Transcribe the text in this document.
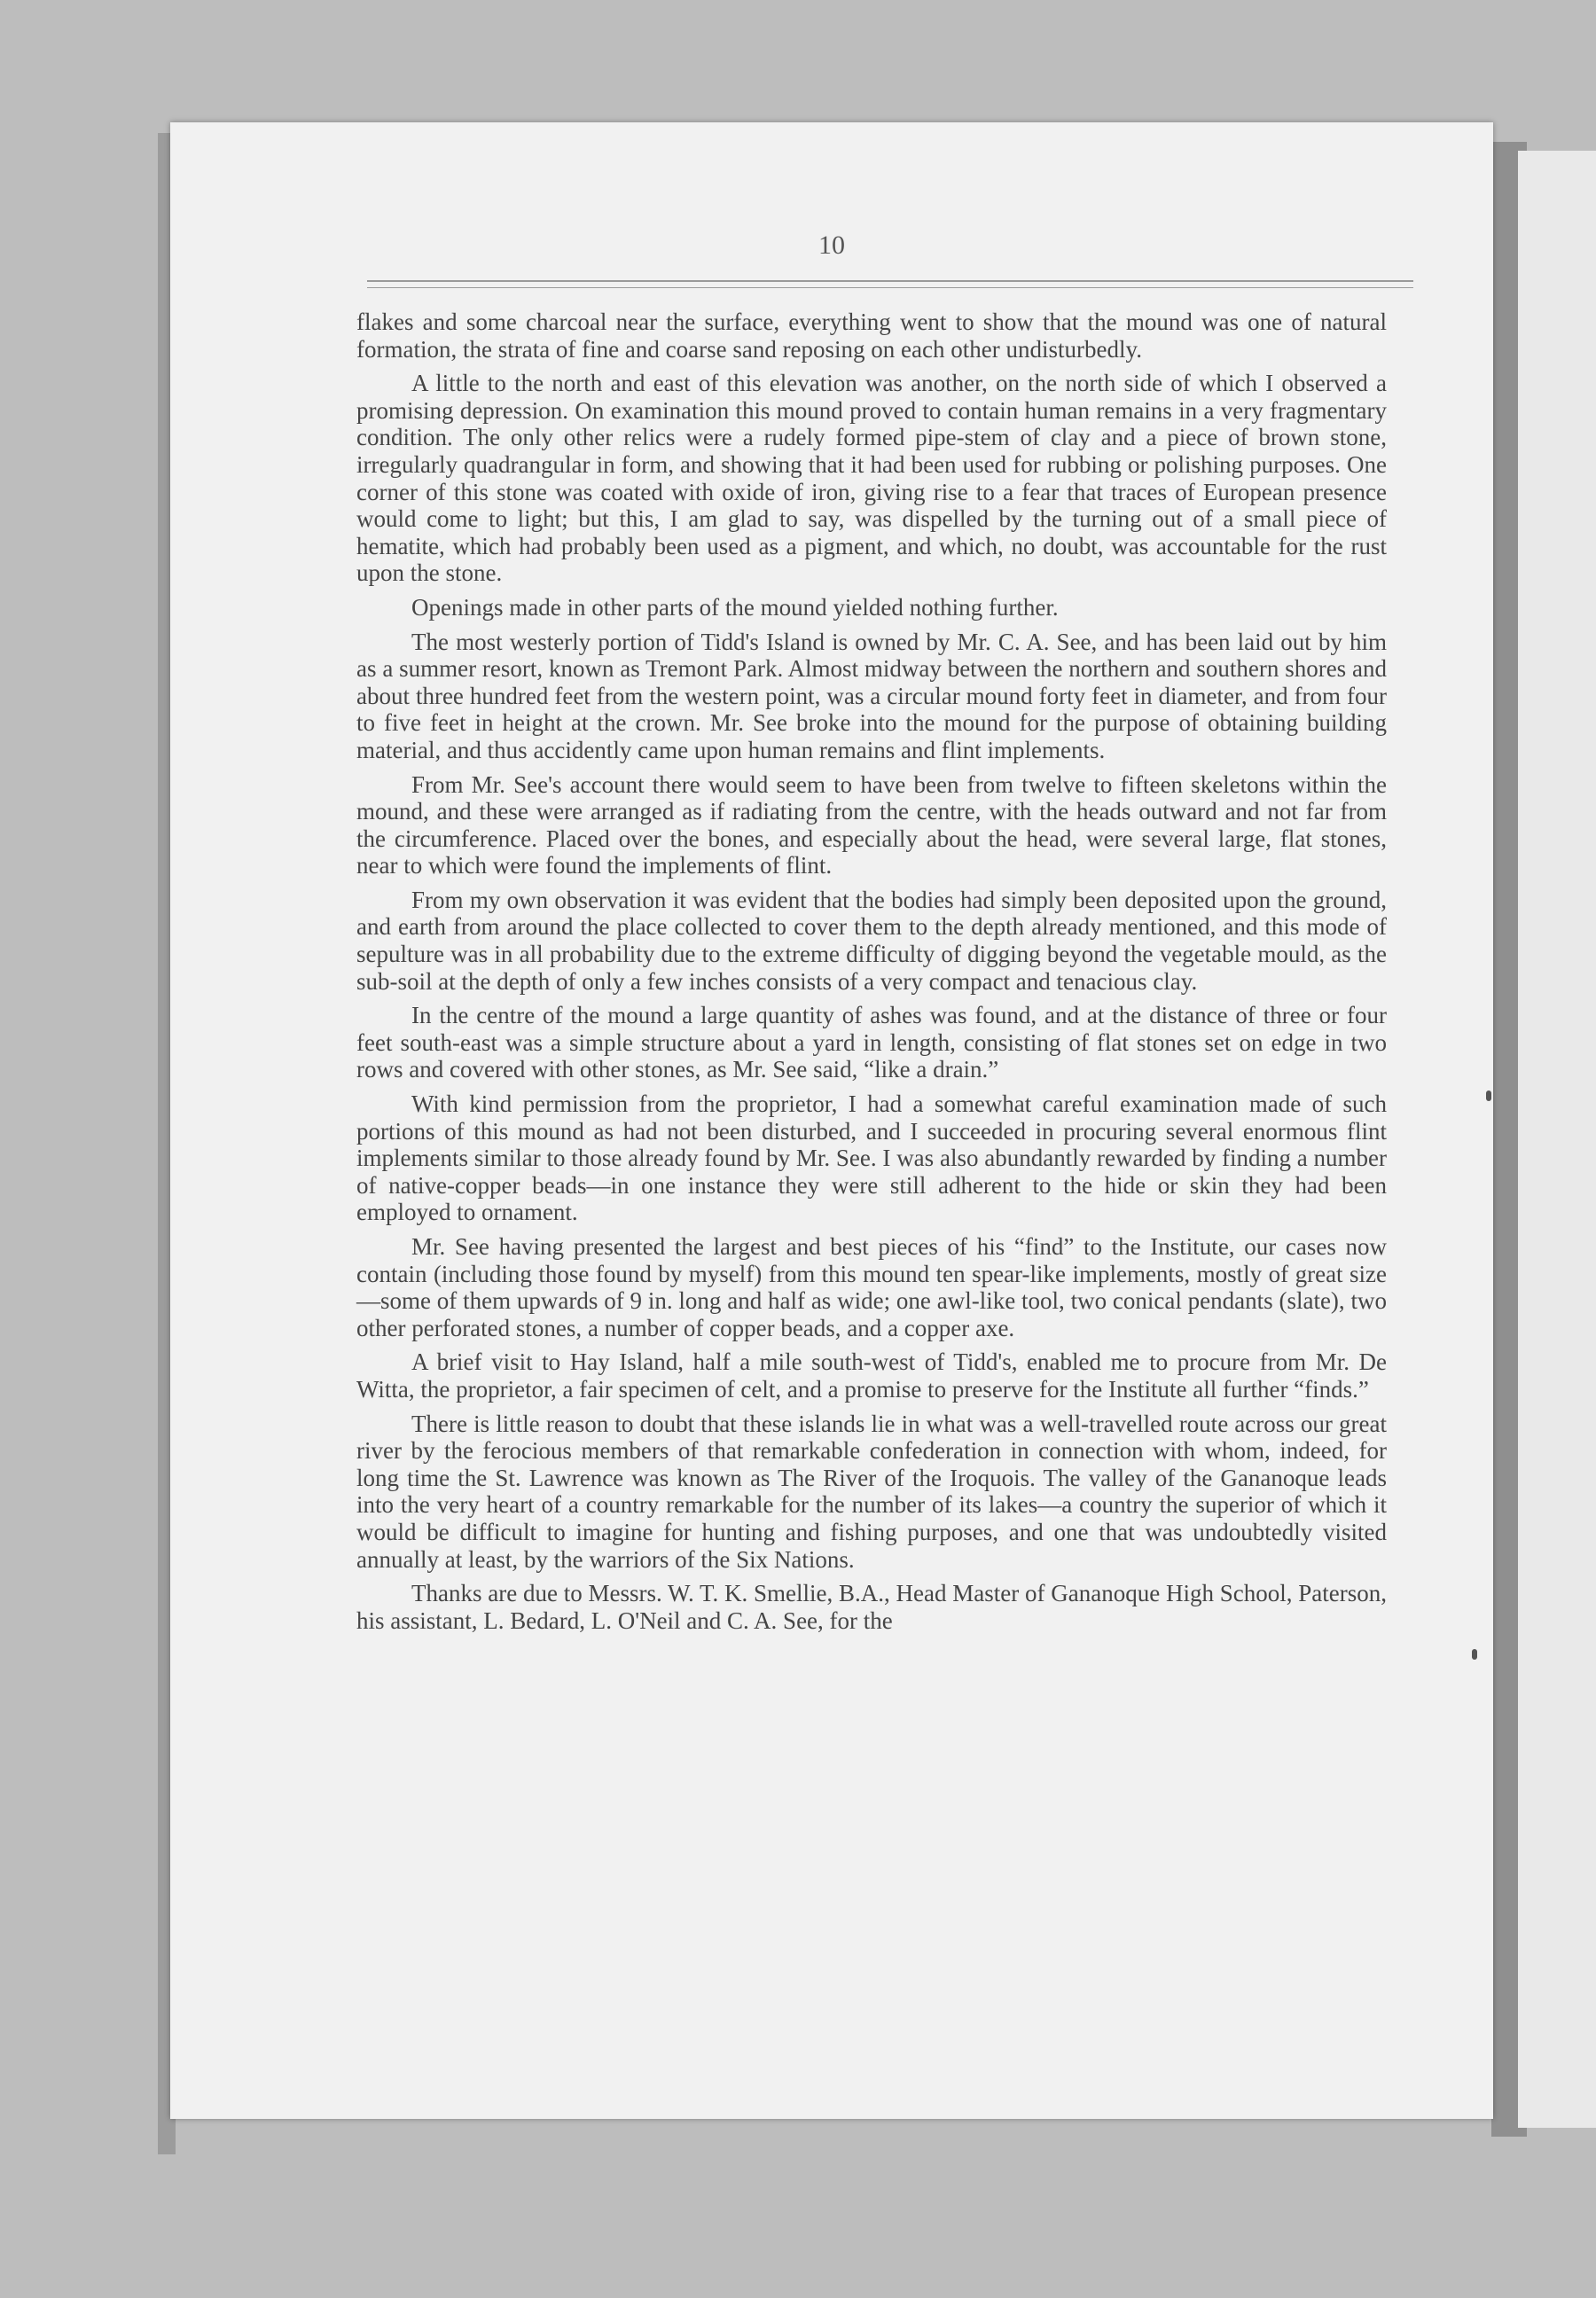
10

flakes and some charcoal near the surface, everything went to show that the mound was one of natural formation, the strata of fine and coarse sand reposing on each other undisturbedly.

A little to the north and east of this elevation was another, on the north side of which I observed a promising depression. On examination this mound proved to contain human remains in a very fragmentary condition. The only other relics were a rudely formed pipe-stem of clay and a piece of brown stone, irregularly quadrangular in form, and showing that it had been used for rubbing or polishing purposes. One corner of this stone was coated with oxide of iron, giving rise to a fear that traces of European presence would come to light; but this, I am glad to say, was dispelled by the turning out of a small piece of hematite, which had probably been used as a pigment, and which, no doubt, was accountable for the rust upon the stone.

Openings made in other parts of the mound yielded nothing further.

The most westerly portion of Tidd's Island is owned by Mr. C. A. See, and has been laid out by him as a summer resort, known as Tremont Park. Almost midway between the northern and southern shores and about three hundred feet from the western point, was a circular mound forty feet in diameter, and from four to five feet in height at the crown. Mr. See broke into the mound for the purpose of obtaining building material, and thus accidently came upon human remains and flint implements.

From Mr. See's account there would seem to have been from twelve to fifteen skeletons within the mound, and these were arranged as if radiating from the centre, with the heads outward and not far from the circumference. Placed over the bones, and especially about the head, were several large, flat stones, near to which were found the implements of flint.

From my own observation it was evident that the bodies had simply been deposited upon the ground, and earth from around the place collected to cover them to the depth already mentioned, and this mode of sepulture was in all probability due to the extreme difficulty of digging beyond the vegetable mould, as the sub-soil at the depth of only a few inches consists of a very compact and tenacious clay.

In the centre of the mound a large quantity of ashes was found, and at the distance of three or four feet south-east was a simple structure about a yard in length, consisting of flat stones set on edge in two rows and covered with other stones, as Mr. See said, “like a drain.”

With kind permission from the proprietor, I had a somewhat careful examination made of such portions of this mound as had not been disturbed, and I succeeded in procuring several enormous flint implements similar to those already found by Mr. See. I was also abundantly rewarded by finding a number of native-copper beads—in one instance they were still adherent to the hide or skin they had been employed to ornament.

Mr. See having presented the largest and best pieces of his “find” to the Institute, our cases now contain (including those found by myself) from this mound ten spear-like implements, mostly of great size—some of them upwards of 9 in. long and half as wide; one awl-like tool, two conical pendants (slate), two other perforated stones, a number of copper beads, and a copper axe.

A brief visit to Hay Island, half a mile south-west of Tidd's, enabled me to procure from Mr. De Witta, the proprietor, a fair specimen of celt, and a promise to preserve for the Institute all further “finds.”

There is little reason to doubt that these islands lie in what was a well-travelled route across our great river by the ferocious members of that remarkable confederation in connection with whom, indeed, for long time the St. Lawrence was known as The River of the Iroquois. The valley of the Gananoque leads into the very heart of a country remarkable for the number of its lakes—a country the superior of which it would be difficult to imagine for hunting and fishing purposes, and one that was undoubtedly visited annually at least, by the warriors of the Six Nations.

Thanks are due to Messrs. W. T. K. Smellie, B.A., Head Master of Gananoque High School, Paterson, his assistant, L. Bedard, L. O'Neil and C. A. See, for the
